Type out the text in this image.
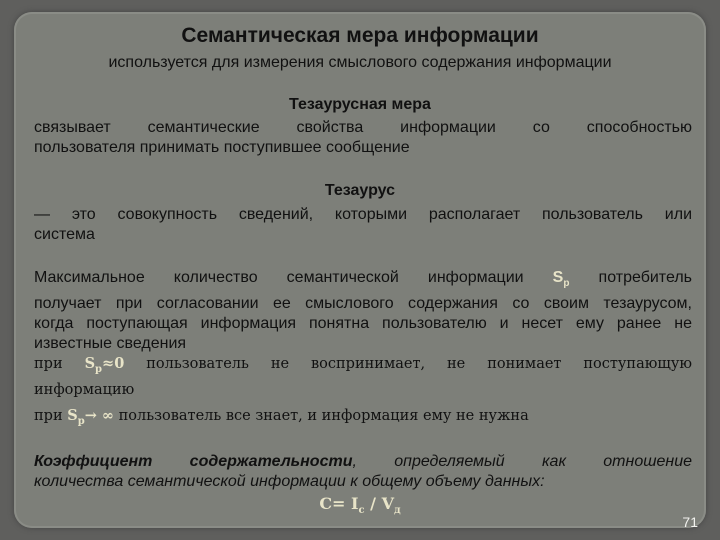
Семантическая мера информации
используется для измерения смыслового содержания информации
Тезаурусная мера
связывает семантические свойства информации со способностью
пользователя принимать поступившее сообщение
Тезаурус
— это совокупность сведений, которыми располагает пользователь или
система
Максимальное количество семантической информации $S_p$ потребитель
получает при согласовании ее смыслового содержания со своим тезаурусом,
когда поступающая информация понятна пользователю и несет ему ранее не
известные сведения
при $S_p\approx 0$ пользователь не воспринимает, не понимает поступающую
информацию
при $S_p\to$ ∞ пользователь все знает, и информация ему не нужна
Коэффициент содержательности, определяемый как отношение
количества семантической информации к общему объему данных:
$C= I_c / V_д$
71
